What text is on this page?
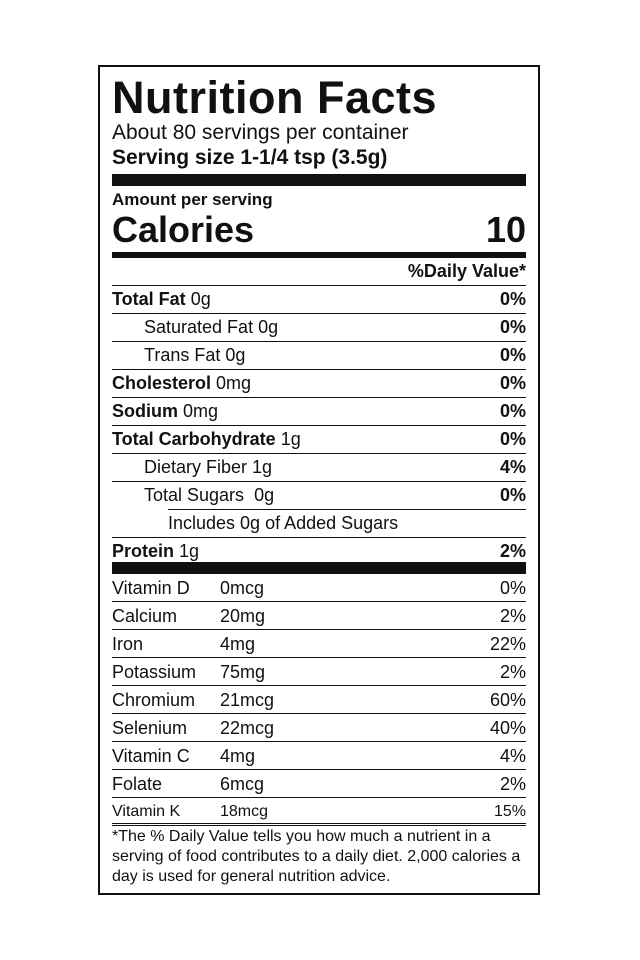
Nutrition Facts
About 80 servings per container
Serving size 1-1/4 tsp (3.5g)
Amount per serving
Calories	10
%Daily Value*
Total Fat 0g	0%
Saturated Fat 0g	0%
Trans Fat 0g	0%
Cholesterol 0mg	0%
Sodium 0mg	0%
Total Carbohydrate 1g	0%
Dietary Fiber 1g	4%
Total Sugars 0g	0%
Includes 0g of Added Sugars
Protein 1g	2%
Vitamin D 0mcg	0%
Calcium 20mg	2%
Iron	4mg	22%
Potassium 75mg	2%
Chromium 21mcg	60%
Selenium 22mcg	40%
Vitamin C 4mg	4%
Folate	6mcg	2%
Vitamin K 18mcg	15%
*The % Daily Value tells you how much a nutrient in a serving of food contributes to a daily diet. 2,000 calories a day is used for general nutrition advice.
